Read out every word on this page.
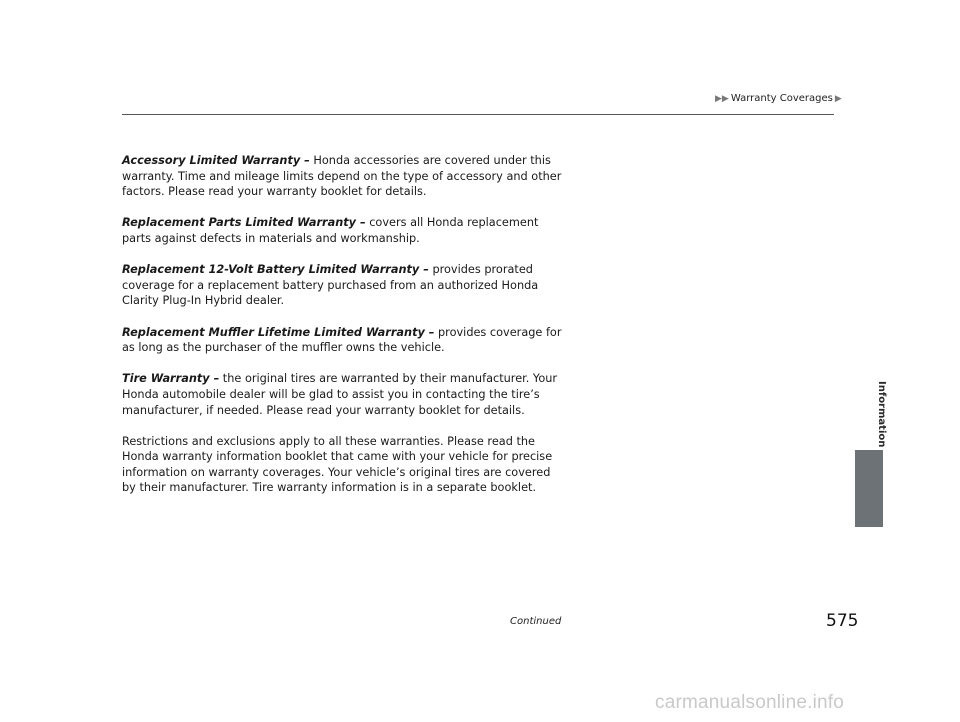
▶▶ Warranty Coverages ▶

Accessory Limited Warranty – Honda accessories are covered under this warranty. Time and mileage limits depend on the type of accessory and other factors. Please read your warranty booklet for details.

Replacement Parts Limited Warranty – covers all Honda replacement parts against defects in materials and workmanship.

Replacement 12-Volt Battery Limited Warranty – provides prorated coverage for a replacement battery purchased from an authorized Honda Clarity Plug-In Hybrid dealer.

Replacement Muffler Lifetime Limited Warranty – provides coverage for as long as the purchaser of the muffler owns the vehicle.

Tire Warranty – the original tires are warranted by their manufacturer. Your Honda automobile dealer will be glad to assist you in contacting the tire’s manufacturer, if needed. Please read your warranty booklet for details.

Restrictions and exclusions apply to all these warranties. Please read the Honda warranty information booklet that came with your vehicle for precise information on warranty coverages. Your vehicle’s original tires are covered by their manufacturer. Tire warranty information is in a separate booklet.

Information
Continued	575
carmanualsonline.info
